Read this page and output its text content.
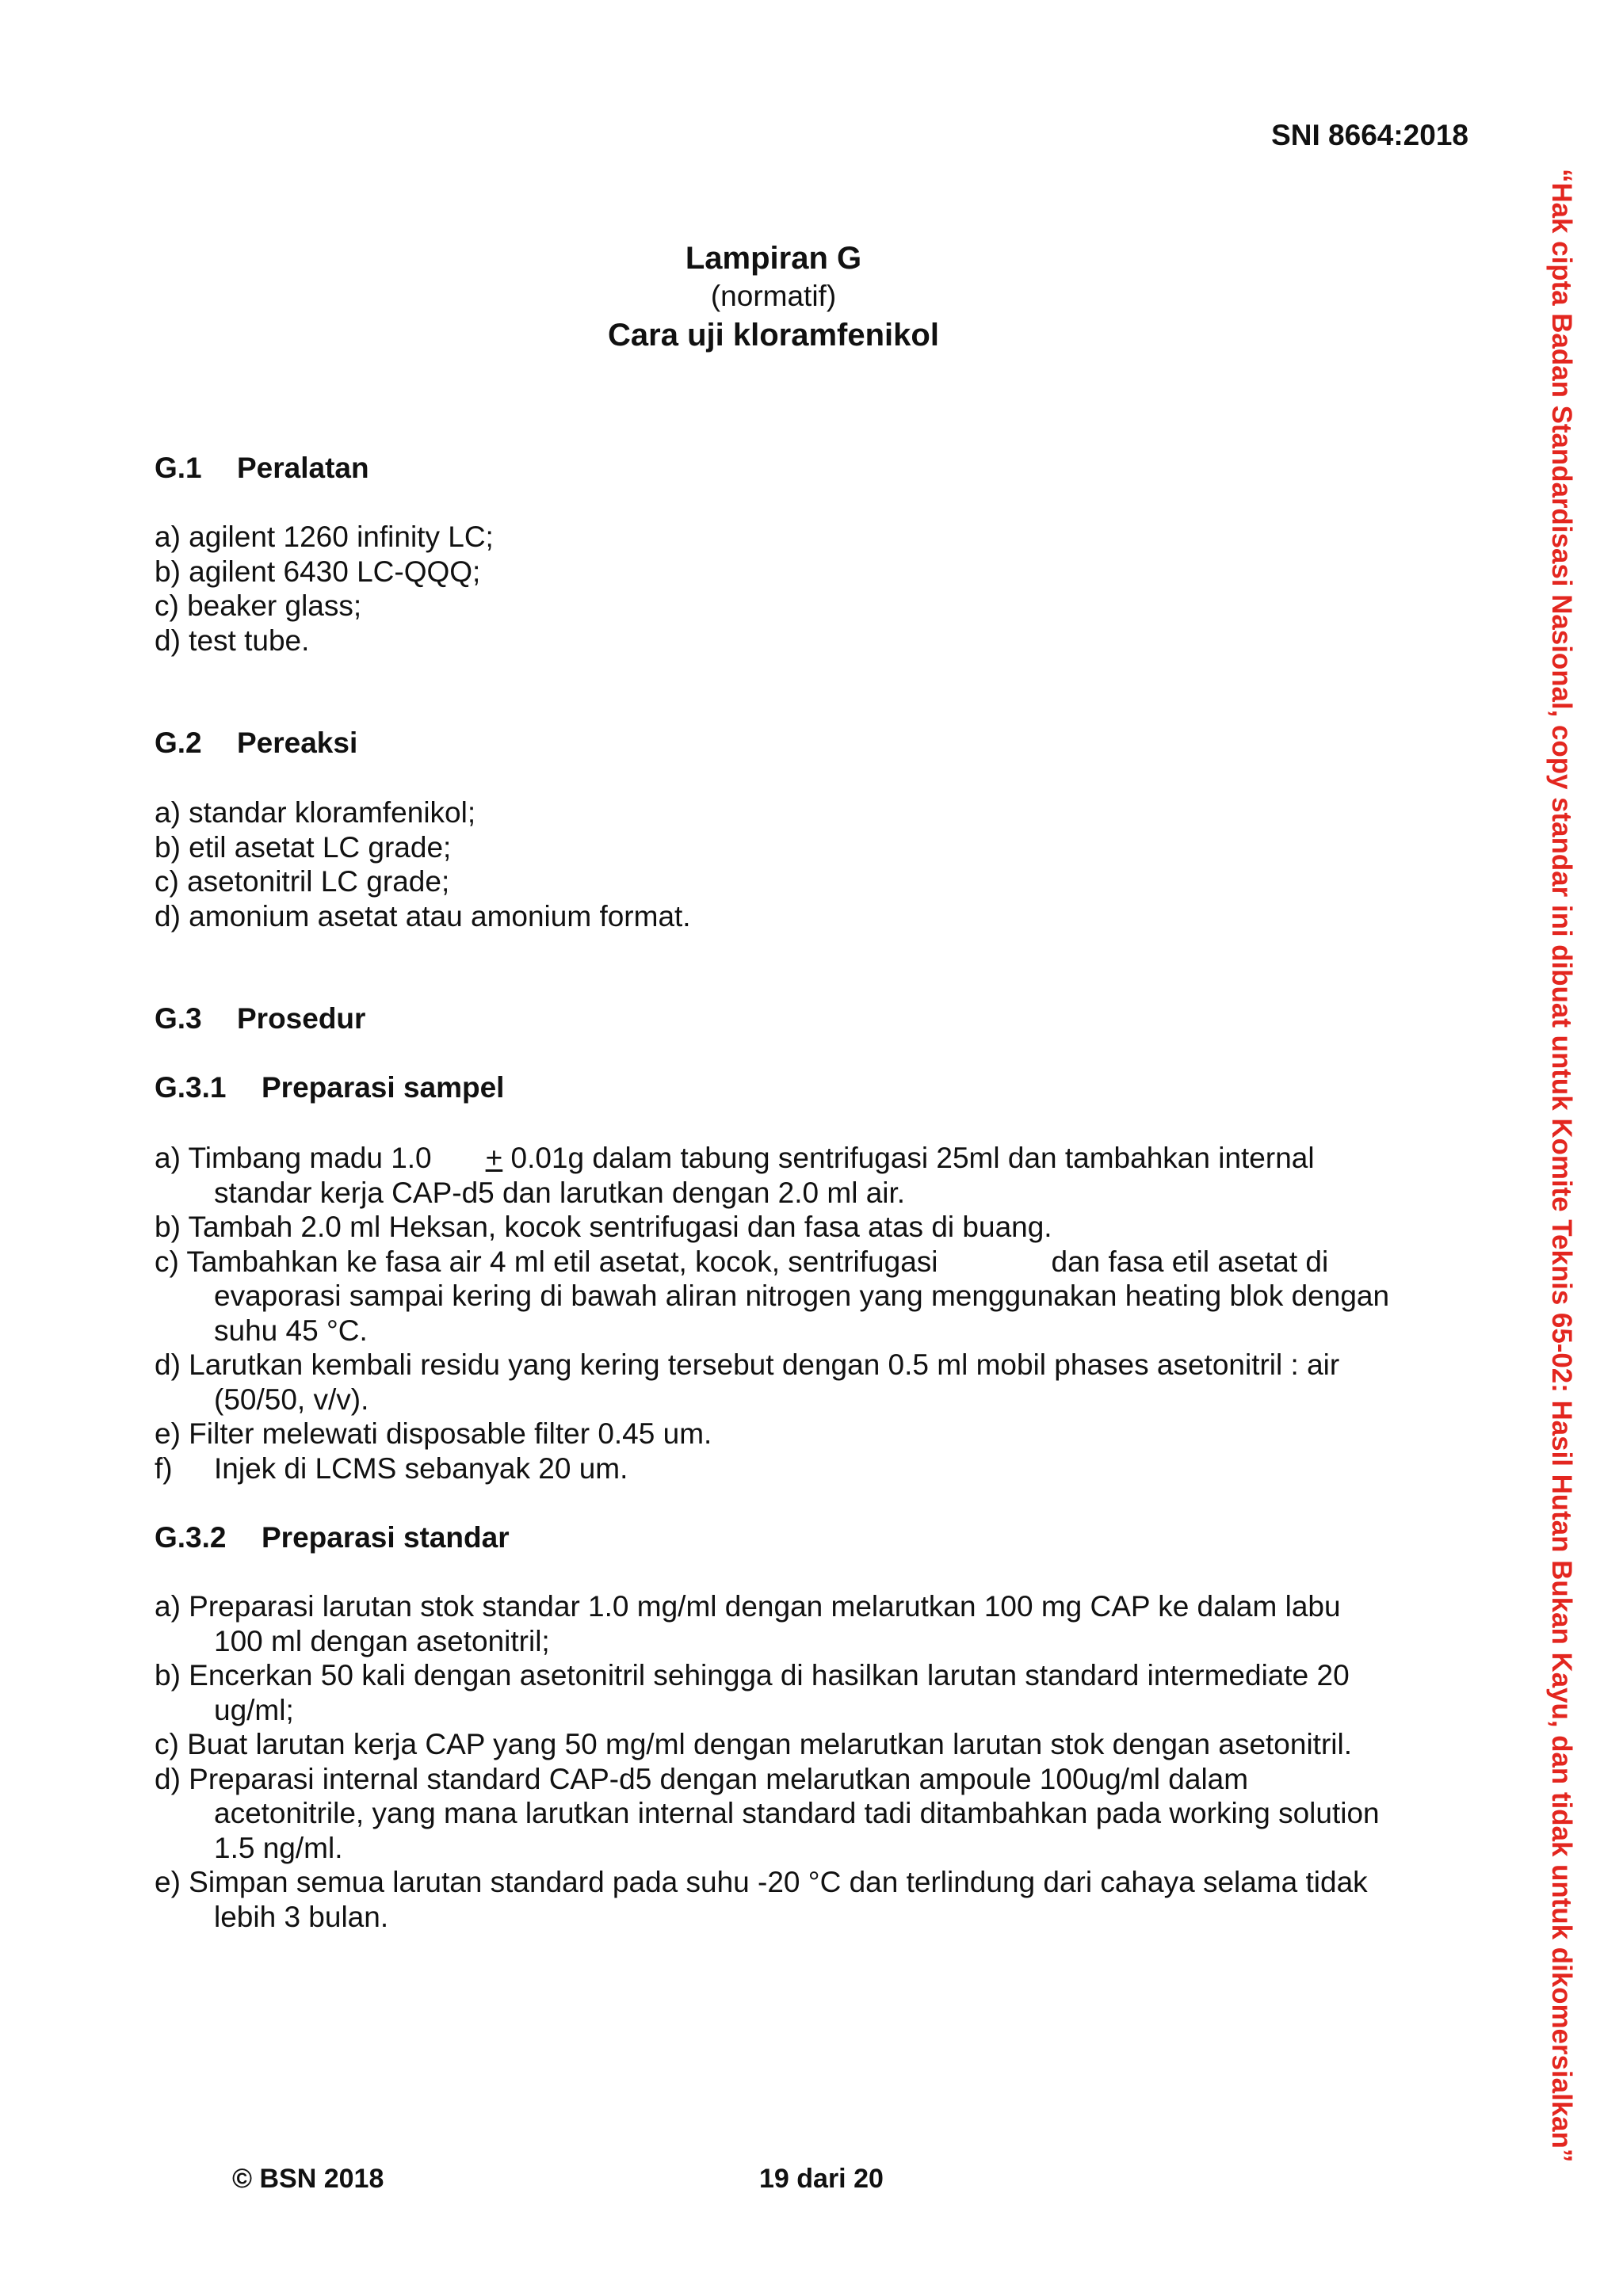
SNI 8664:2018
Lampiran G
(normatif)
Cara uji kloramfenikol
G.1 Peralatan
a) agilent 1260 infinity LC;
b) agilent 6430 LC-QQQ;
c) beaker glass;
d) test tube.
G.2 Pereaksi
a) standar kloramfenikol;
b) etil asetat LC grade;
c) asetonitril LC grade;
d) amonium asetat atau amonium format.
G.3 Prosedur
G.3.1 Preparasi sampel
a) Timbang madu 1.0 + 0.01g dalam tabung sentrifugasi 25ml dan tambahkan internal standar kerja CAP-d5 dan larutkan dengan 2.0 ml air.
b) Tambah 2.0 ml Heksan, kocok sentrifugasi dan fasa atas di buang.
c) Tambahkan ke fasa air 4 ml etil asetat, kocok, sentrifugasi	dan fasa etil asetat di evaporasi sampai kering di bawah aliran nitrogen yang menggunakan heating blok dengan suhu 45 °C.
d) Larutkan kembali residu yang kering tersebut dengan 0.5 ml mobil phases asetonitril : air (50/50, v/v).
e) Filter melewati disposable filter 0.45 um.
f) Injek di LCMS sebanyak 20 um.
G.3.2 Preparasi standar
a) Preparasi larutan stok standar 1.0 mg/ml dengan melarutkan 100 mg CAP ke dalam labu 100 ml dengan asetonitril;
b) Encerkan 50 kali dengan asetonitril sehingga di hasilkan larutan standard intermediate 20 ug/ml;
c) Buat larutan kerja CAP yang 50 mg/ml dengan melarutkan larutan stok dengan asetonitril.
d) Preparasi internal standard CAP-d5 dengan melarutkan ampoule 100ug/ml dalam acetonitrile, yang mana larutkan internal standard tadi ditambahkan pada working solution 1.5 ng/ml.
e) Simpan semua larutan standard pada suhu -20 °C dan terlindung dari cahaya selama tidak lebih 3 bulan.
© BSN 2018	19 dari 20
“Hak cipta Badan Standardisasi Nasional, copy standar ini dibuat untuk Komite Teknis 65-02: Hasil Hutan Bukan Kayu, dan tidak untuk dikomersialkan”
